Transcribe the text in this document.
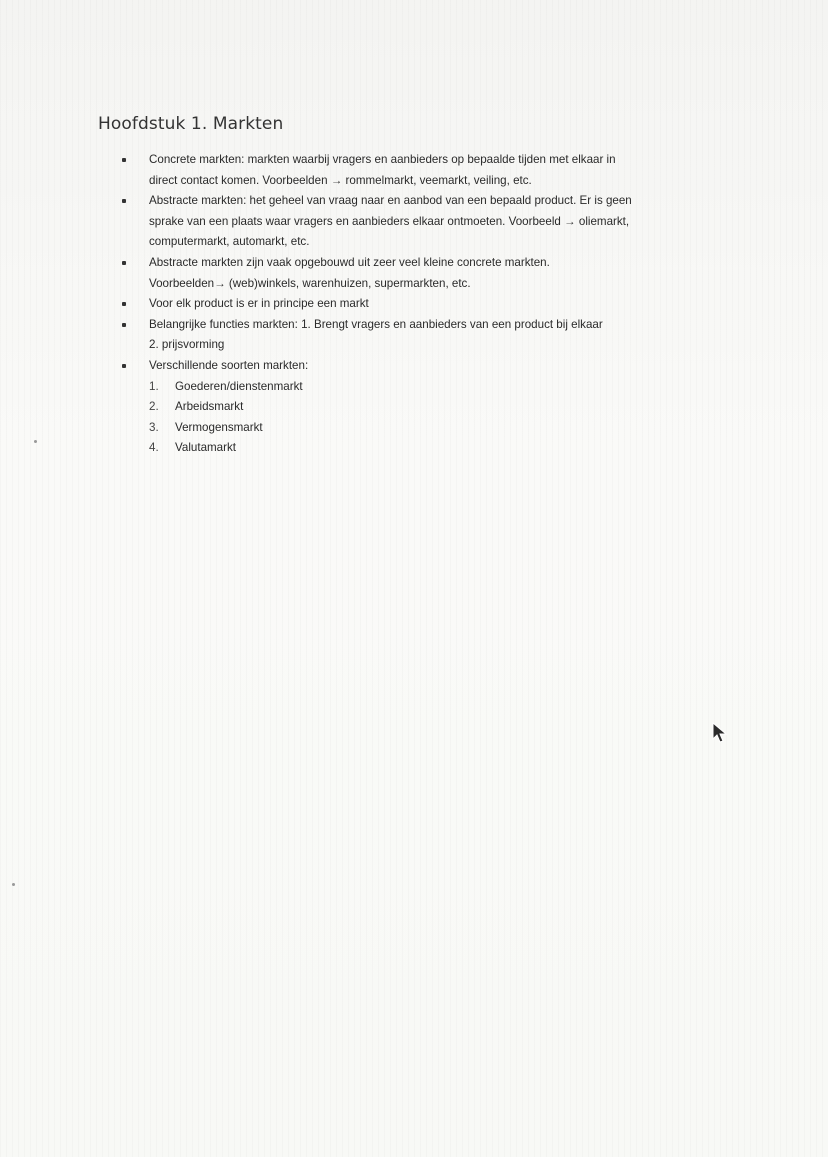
Hoofdstuk 1. Markten
Concrete markten: markten waarbij vragers en aanbieders op bepaalde tijden met elkaar in
direct contact komen. Voorbeelden → rommelmarkt, veemarkt, veiling, etc.
Abstracte markten: het geheel van vraag naar en aanbod van een bepaald product. Er is geen
sprake van een plaats waar vragers en aanbieders elkaar ontmoeten. Voorbeeld → oliemarkt,
computermarkt, automarkt, etc.
Abstracte markten zijn vaak opgebouwd uit zeer veel kleine concrete markten.
Voorbeelden→ (web)winkels, warenhuizen, supermarkten, etc.
Voor elk product is er in principe een markt
Belangrijke functies markten: 1. Brengt vragers en aanbieders van een product bij elkaar
2. prijsvorming
Verschillende soorten markten:
1. Goederen/dienstenmarkt
2. Arbeidsmarkt
3. Vermogensmarkt
4. Valutamarkt
